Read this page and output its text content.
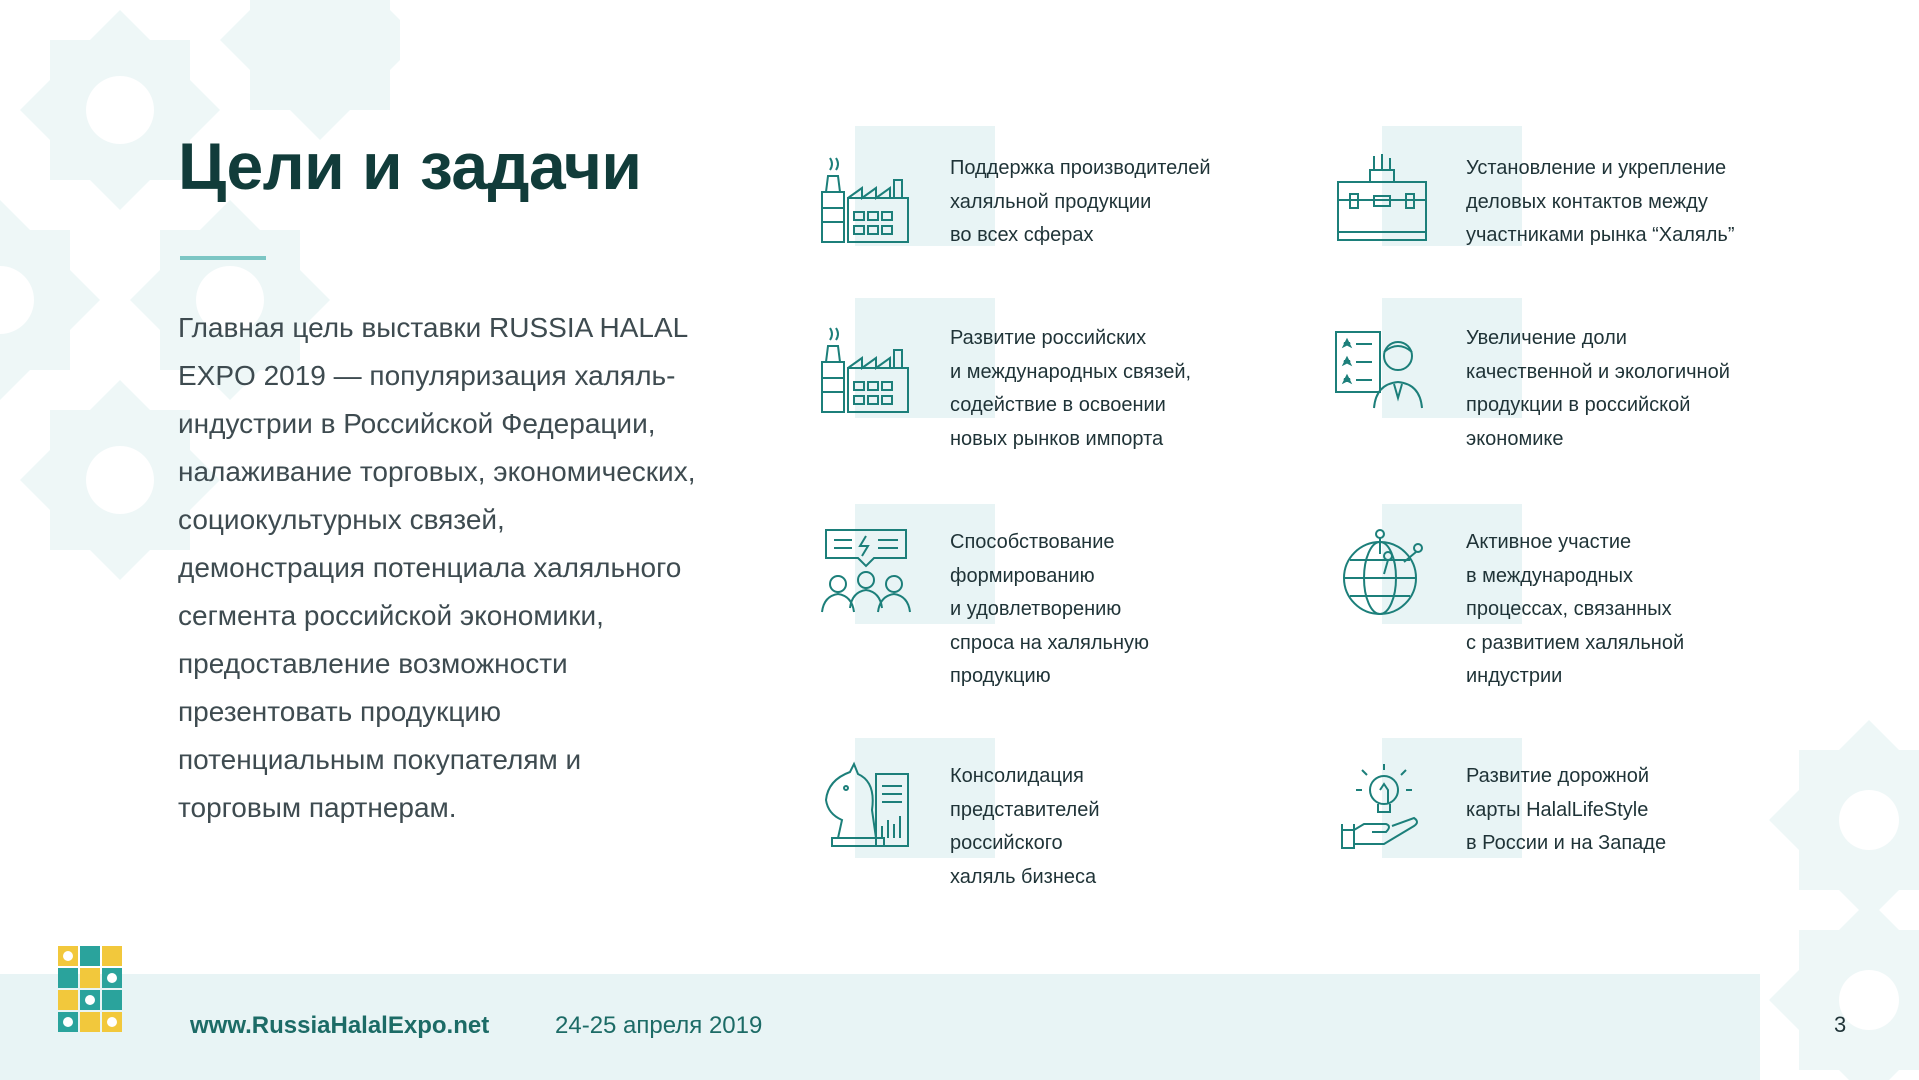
Цели и задачи

Главная цель выставки RUSSIA HALAL EXPO 2019 — популяризация халяль-индустрии в Российской Федерации, налаживание торговых, экономических, социокультурных связей, демонстрация потенциала халяльного сегмента российской экономики, предоставление возможности презентовать продукцию потенциальным покупателям и торговым партнерам.

Поддержка производителей
халяльной продукции
во всех сферах
Установление и укрепление
деловых контактов между
участниками рынка “Халяль”
Развитие российских
и международных связей,
содействие в освоении
новых рынков импорта
Увеличение доли
качественной и экологичной
продукции в российской
экономике
Способствование
формированию
и удовлетворению
спроса на халяльную
продукцию
Активное участие
в международных
процессах, связанных
с развитием халяльной
индустрии
Консолидация
представителей
российского
халяль бизнеса
Развитие дорожной
карты HalalLifeStyle
в России и на Западе
www.RussiaHalalExpo.net	24-25 апреля 2019	3
